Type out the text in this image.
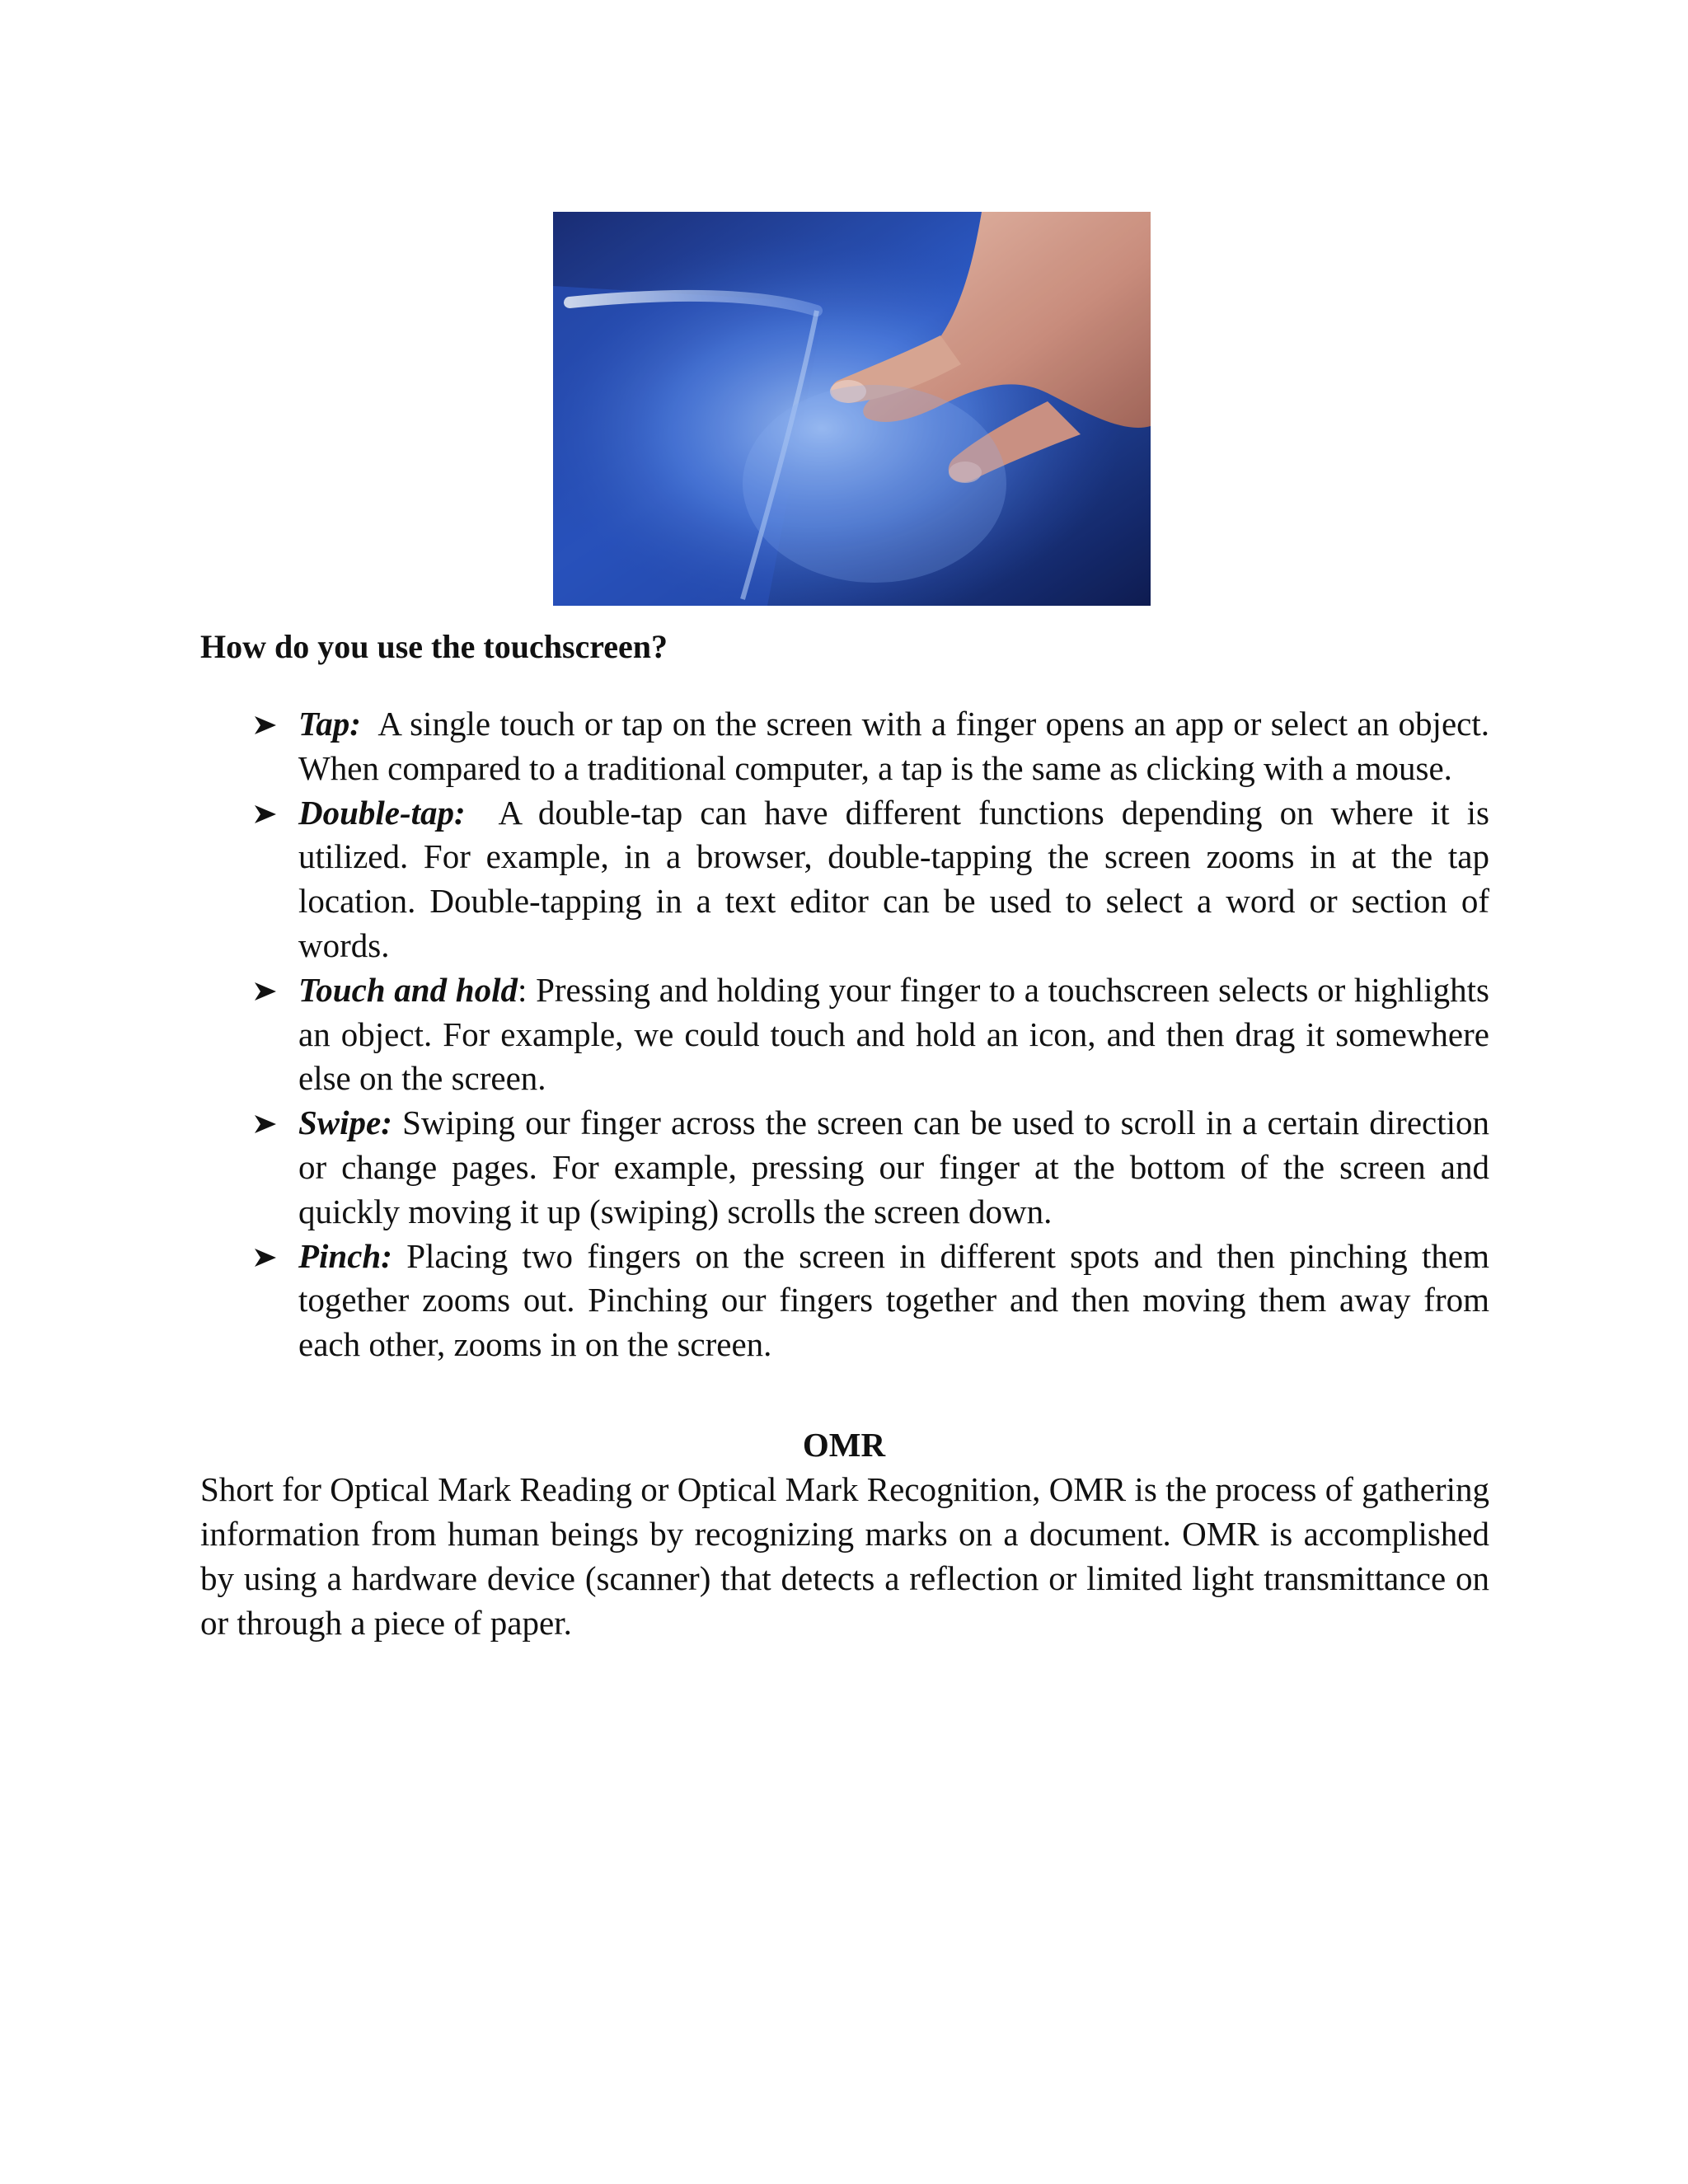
How do you use the touchscreen?
Tap: A single touch or tap on the screen with a finger opens an app or select an object. When compared to a traditional computer, a tap is the same as clicking with a mouse.
Double-tap: A double-tap can have different functions depending on where it is utilized. For example, in a browser, double-tapping the screen zooms in at the tap location. Double-tapping in a text editor can be used to select a word or section of words.
Touch and hold: Pressing and holding your finger to a touchscreen selects or highlights an object. For example, we could touch and hold an icon, and then drag it somewhere else on the screen.
Swipe: Swiping our finger across the screen can be used to scroll in a certain direction or change pages. For example, pressing our finger at the bottom of the screen and quickly moving it up (swiping) scrolls the screen down.
Pinch: Placing two fingers on the screen in different spots and then pinching them together zooms out. Pinching our fingers together and then moving them away from each other, zooms in on the screen.
OMR

Short for Optical Mark Reading or Optical Mark Recognition, OMR is the process of gathering information from human beings by recognizing marks on a document. OMR is accomplished by using a hardware device (scanner) that detects a reflection or limited light transmittance on or through a piece of paper.
